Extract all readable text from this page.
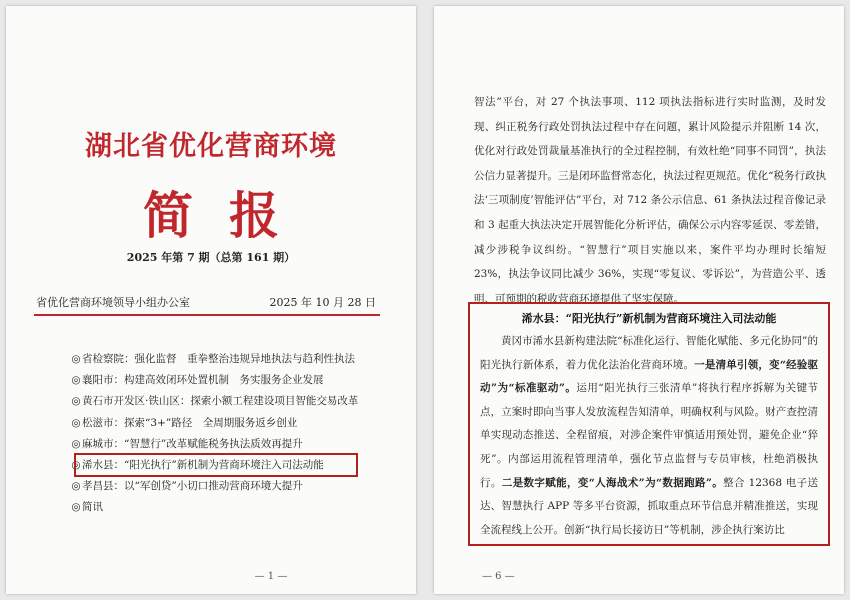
湖北省优化营商环境
简报
2025 年第 7 期（总第 161 期）
省优化营商环境领导小组办公室	2025 年 10 月 28 日
◎省检察院：强化监督　重拳整治违规异地执法与趋利性执法
◎襄阳市：构建高效闭环处置机制　务实服务企业发展
◎黄石市开发区·铁山区：探索小额工程建设项目智能交易改革
◎松滋市：探索“3+”路径　全周期服务返乡创业
◎麻城市：“智慧行”改革赋能税务执法质效再提升
◎浠水县：“阳光执行”新机制为营商环境注入司法动能
◎孝昌县：以“军创贷”小切口推动营商环境大提升
◎简讯
— 1 —

智法”平台，对 27 个执法事项、112 项执法指标进行实时监测，及时发现、纠正税务行政处罚执法过程中存在问题，累计风险提示并阻断 14 次，优化对行政处罚裁量基准执行的全过程控制，有效杜绝“同事不同罚”，执法公信力显著提升。三是闭环监督常态化，执法过程更规范。优化“税务行政执法‘三项制度’智能评估”平台，对 712 条公示信息、61 条执法过程音像记录和 3 起重大执法决定开展智能化分析评估，确保公示内容零延误、零差错，减少涉税争议纠纷。“智慧行”项目实施以来，案件平均办理时长缩短 23%，执法争议同比减少 36%，实现“零复议、零诉讼”，为营造公平、透明、可预期的税收营商环境提供了坚实保障。

浠水县：“阳光执行”新机制为营商环境注入司法动能

黄冈市浠水县新构建法院“标准化运行、智能化赋能、多元化协同”的阳光执行新体系，着力优化法治化营商环境。一是清单引领，变“经验驱动”为“标准驱动”。运用“阳光执行三张清单”将执行程序拆解为关键节点，立案时即向当事人发放流程告知清单，明确权利与风险。财产查控清单实现动态推送、全程留痕，对涉企案件审慎适用预处罚，避免企业“猝死”。内部运用流程管理清单，强化节点监督与专员审核，杜绝消极执行。二是数字赋能，变“人海战术”为“数据跑路”。整合 12368 电子送达、智慧执行 APP 等多平台资源，抓取重点环节信息并精准推送，实现全流程线上公开。创新“执行局长接访日”等机制，涉企执行案访比

— 6 —
